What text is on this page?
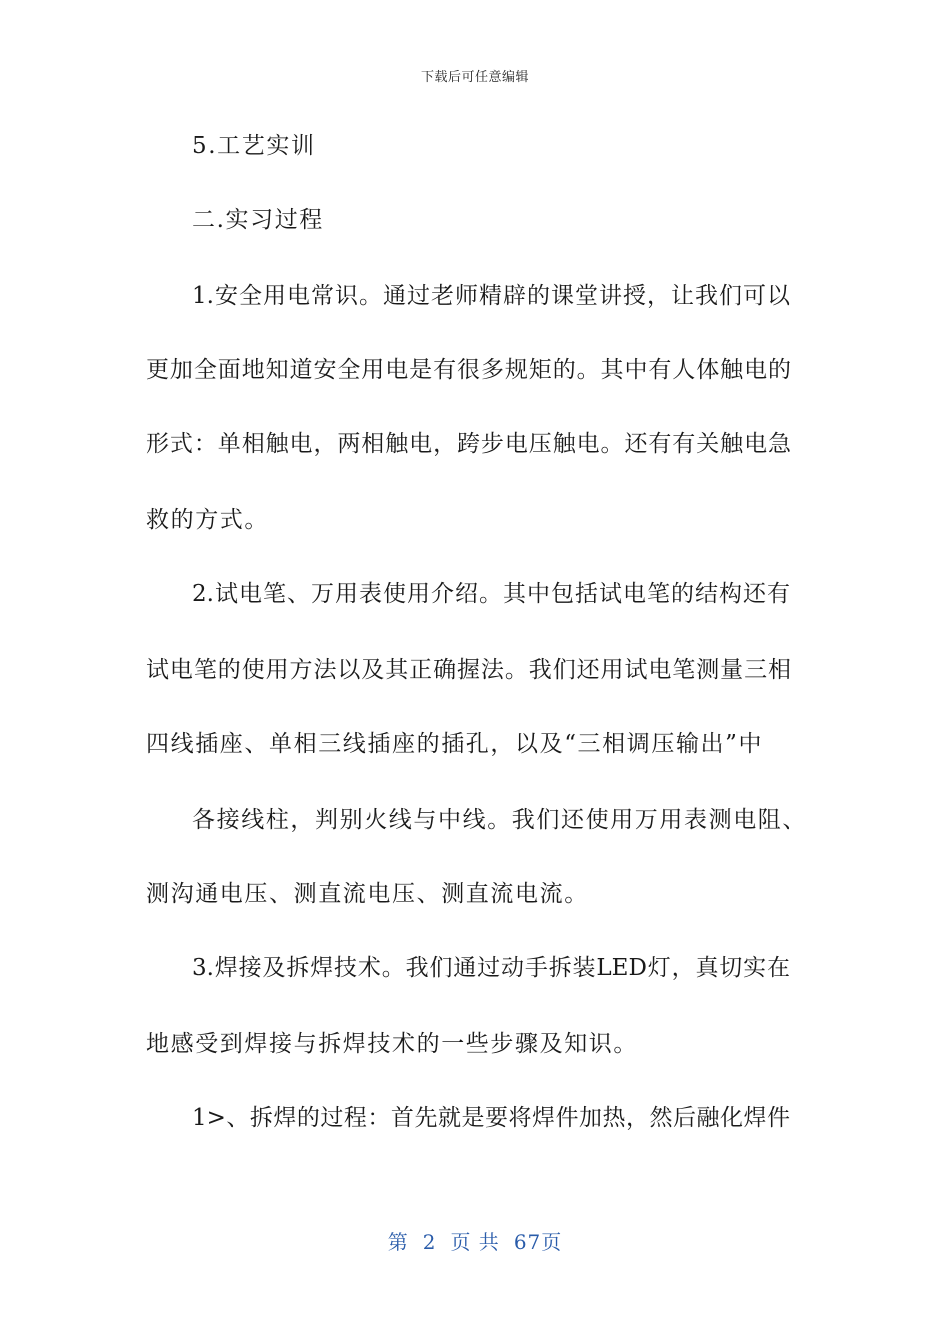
下载后可任意编辑
5.工艺实训
二.实习过程
1.安全用电常识。通过老师精辟的课堂讲授，让我们可以
更加全面地知道安全用电是有很多规矩的。其中有人体触电的
形式：单相触电，两相触电，跨步电压触电。还有有关触电急
救的方式。
2.试电笔、万用表使用介绍。其中包括试电笔的结构还有
试电笔的使用方法以及其正确握法。我们还用试电笔测量三相
四线插座、单相三线插座的插孔，以及“三相调压输出”中
各接线柱，判别火线与中线。我们还使用万用表测电阻、
测沟通电压、测直流电压、测直流电流。
3.焊接及拆焊技术。我们通过动手拆装LED灯，真切实在
地感受到焊接与拆焊技术的一些步骤及知识。
1>、拆焊的过程：首先就是要将焊件加热，然后融化焊件
第 2 页 共 67页
